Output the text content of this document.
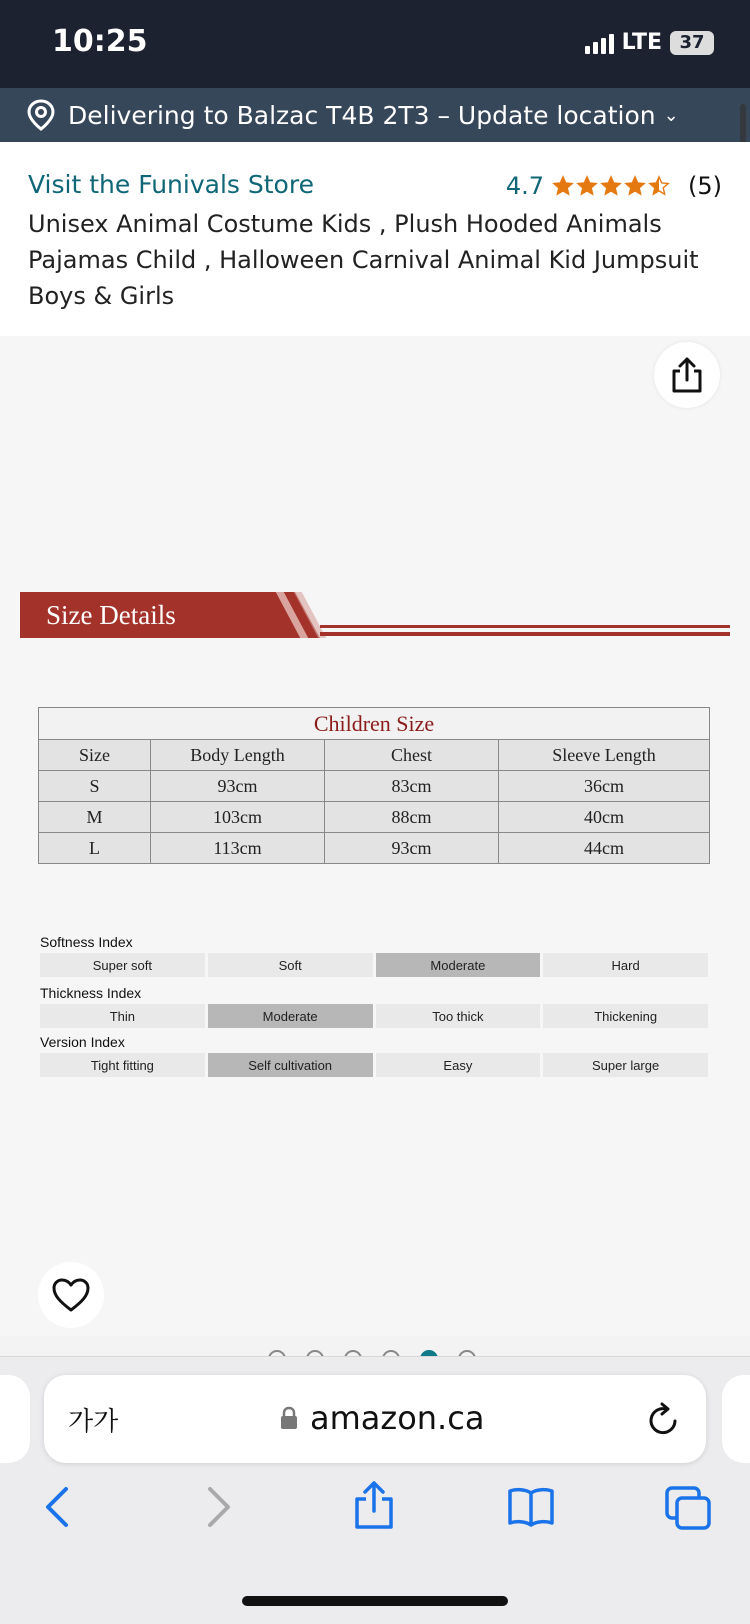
10:25	LTE 37
Delivering to Balzac T4B 2T3 – Update location ⌄
Visit the Funivals Store	4.7	(5)
Unisex Animal Costume Kids , Plush Hooded Animals Pajamas Child , Halloween Carnival Animal Kid Jumpsuit Boys & Girls
Size Details
Children Size			
Size	Body Length	Chest	Sleeve Length
S	93cm	83cm	36cm
M	103cm	88cm	40cm
L	113cm	93cm	44cm
Softness Index
Super soft	Soft	Moderate	Hard
Thickness Index
Thin	Moderate	Too thick	Thickening
Version Index
Tight fitting	Self cultivation	Easy	Super large
가가	amazon.ca
